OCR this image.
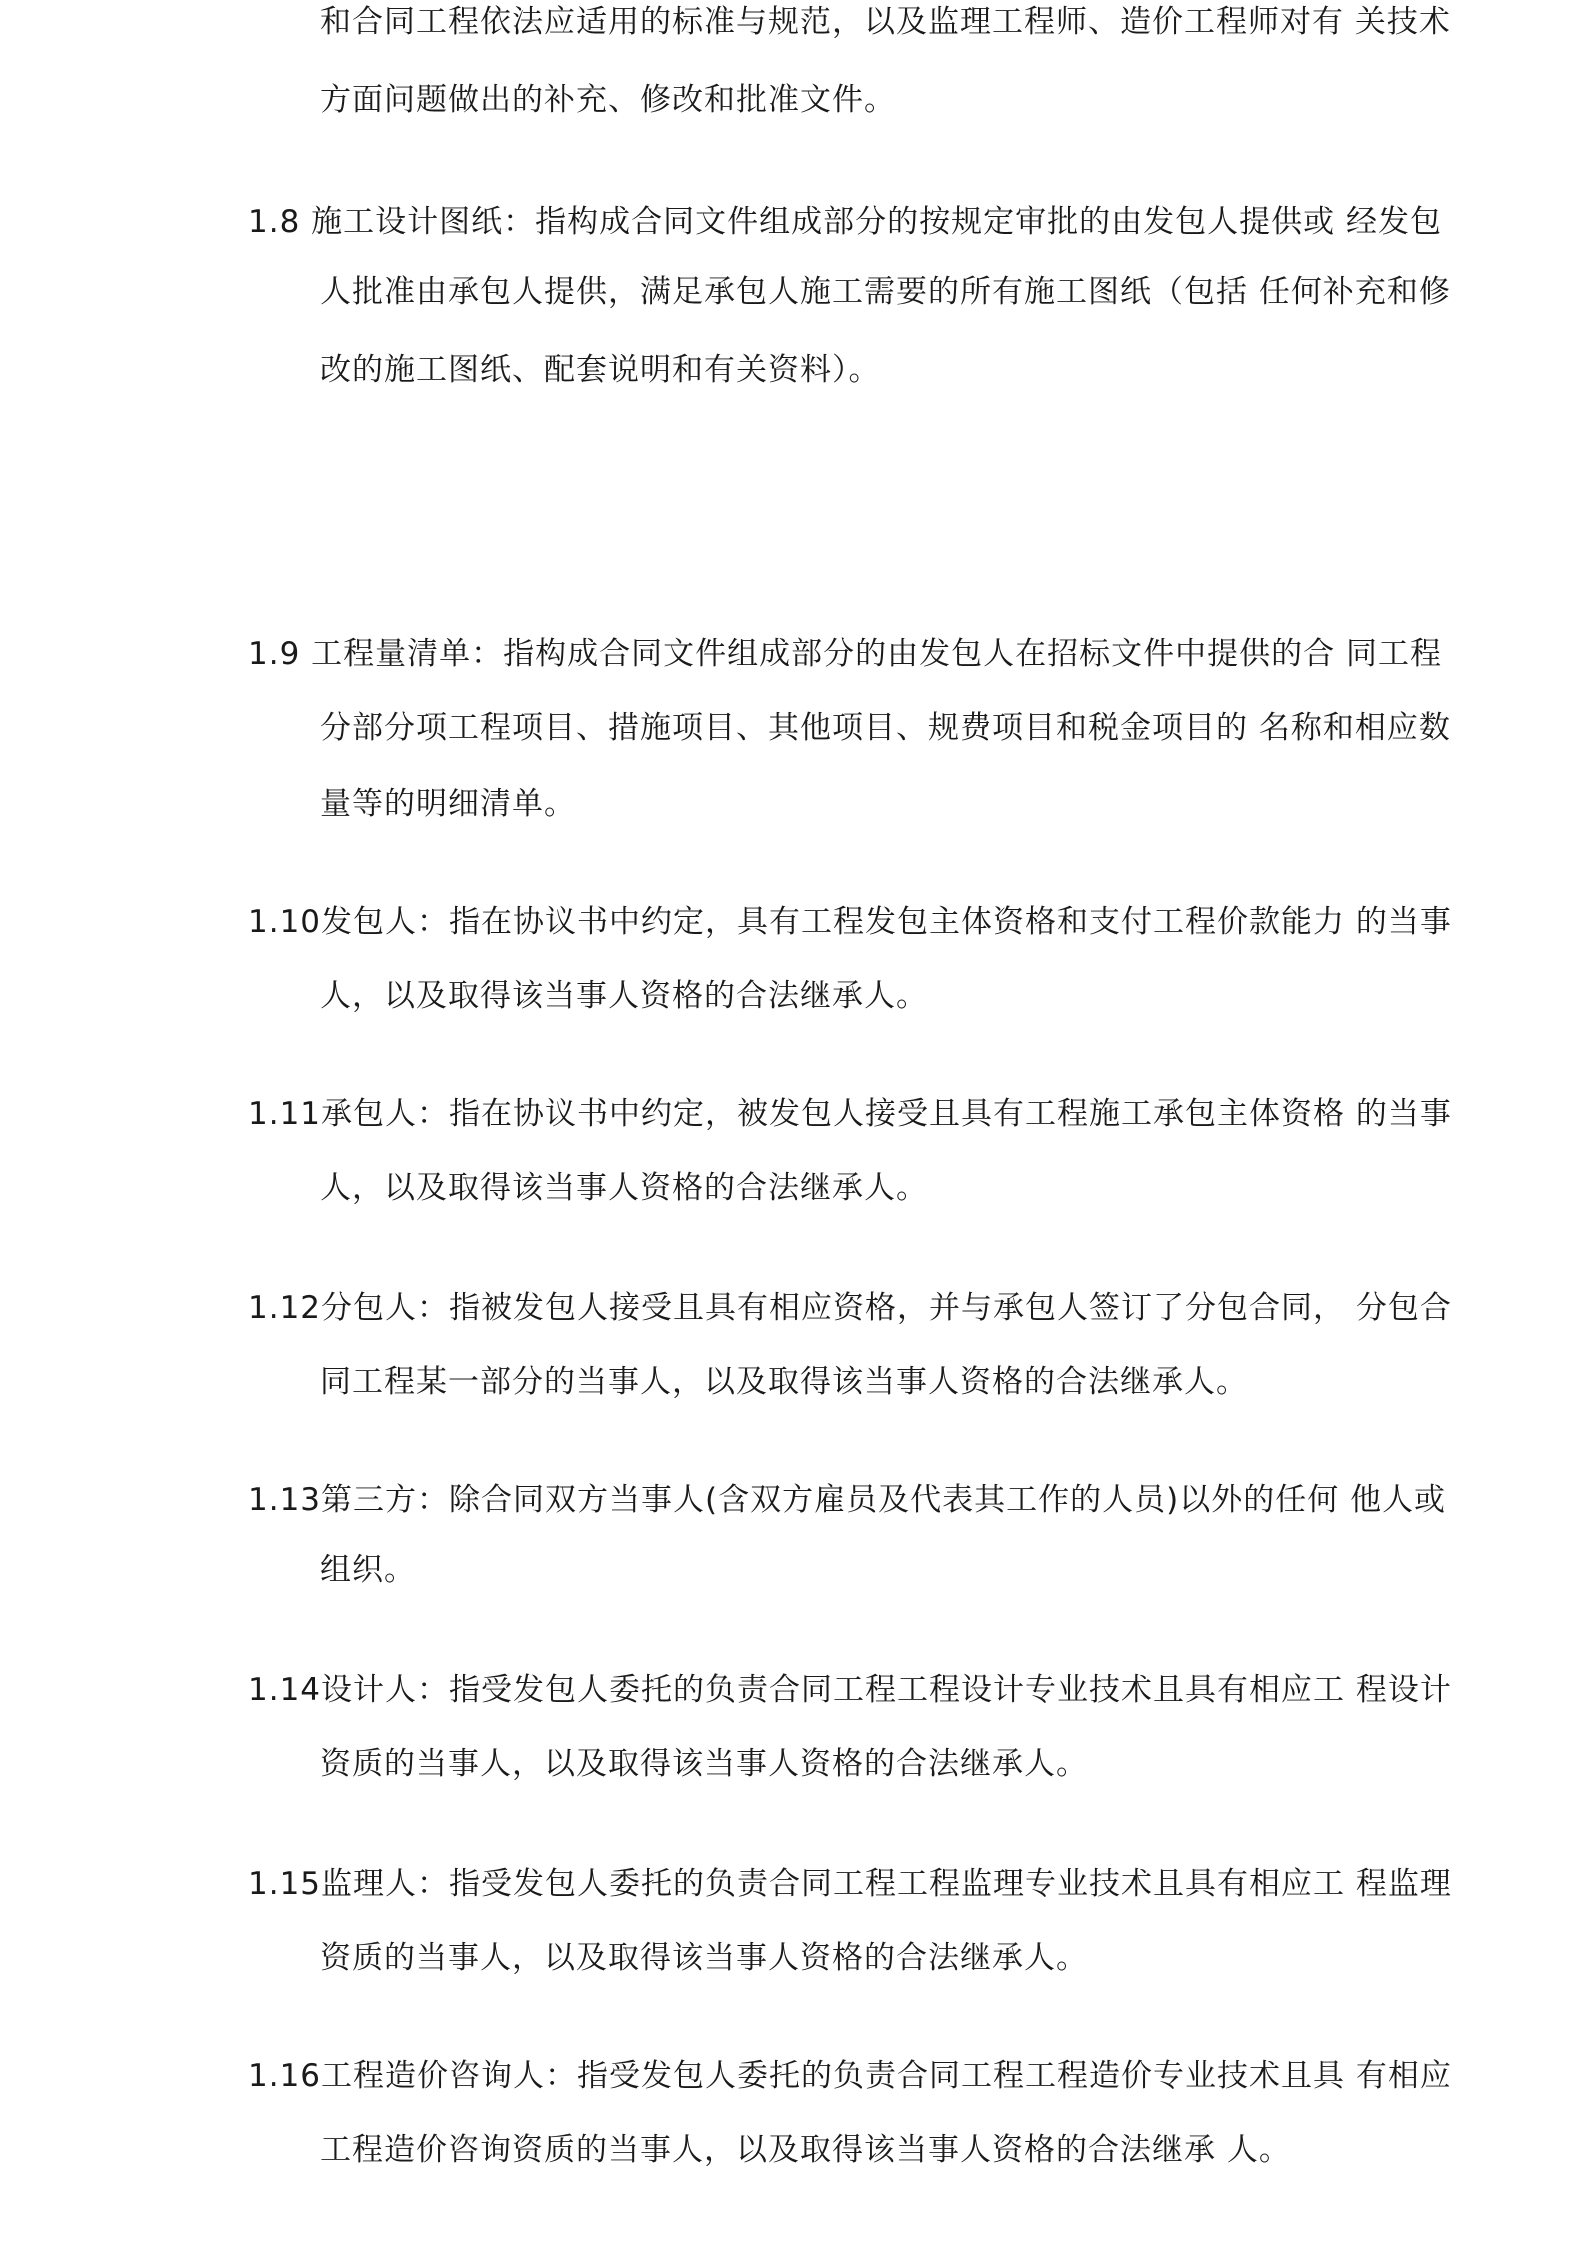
和合同工程依法应适用的标准与规范，以及监理工程师、造价工程师对有 关技术
方面问题做出的补充、修改和批准文件。
1.8 施工设计图纸：指构成合同文件组成部分的按规定审批的由发包人提供或 经发包
人批准由承包人提供，满足承包人施工需要的所有施工图纸（包括 任何补充和修
改的施工图纸、配套说明和有关资料）。
1.9 工程量清单：指构成合同文件组成部分的由发包人在招标文件中提供的合 同工程
分部分项工程项目、措施项目、其他项目、规费项目和税金项目的 名称和相应数
量等的明细清单。
1.10发包人：指在协议书中约定，具有工程发包主体资格和支付工程价款能力 的当事
人，以及取得该当事人资格的合法继承人。
1.11承包人：指在协议书中约定，被发包人接受且具有工程施工承包主体资格 的当事
人，以及取得该当事人资格的合法继承人。
1.12分包人：指被发包人接受且具有相应资格，并与承包人签订了分包合同， 分包合
同工程某一部分的当事人，以及取得该当事人资格的合法继承人。
1.13第三方：除合同双方当事人(含双方雇员及代表其工作的人员)以外的任何 他人或
组织。
1.14设计人：指受发包人委托的负责合同工程工程设计专业技术且具有相应工 程设计
资质的当事人，以及取得该当事人资格的合法继承人。
1.15监理人：指受发包人委托的负责合同工程工程监理专业技术且具有相应工 程监理
资质的当事人，以及取得该当事人资格的合法继承人。
1.16工程造价咨询人：指受发包人委托的负责合同工程工程造价专业技术且具 有相应
工程造价咨询资质的当事人，以及取得该当事人资格的合法继承 人。
